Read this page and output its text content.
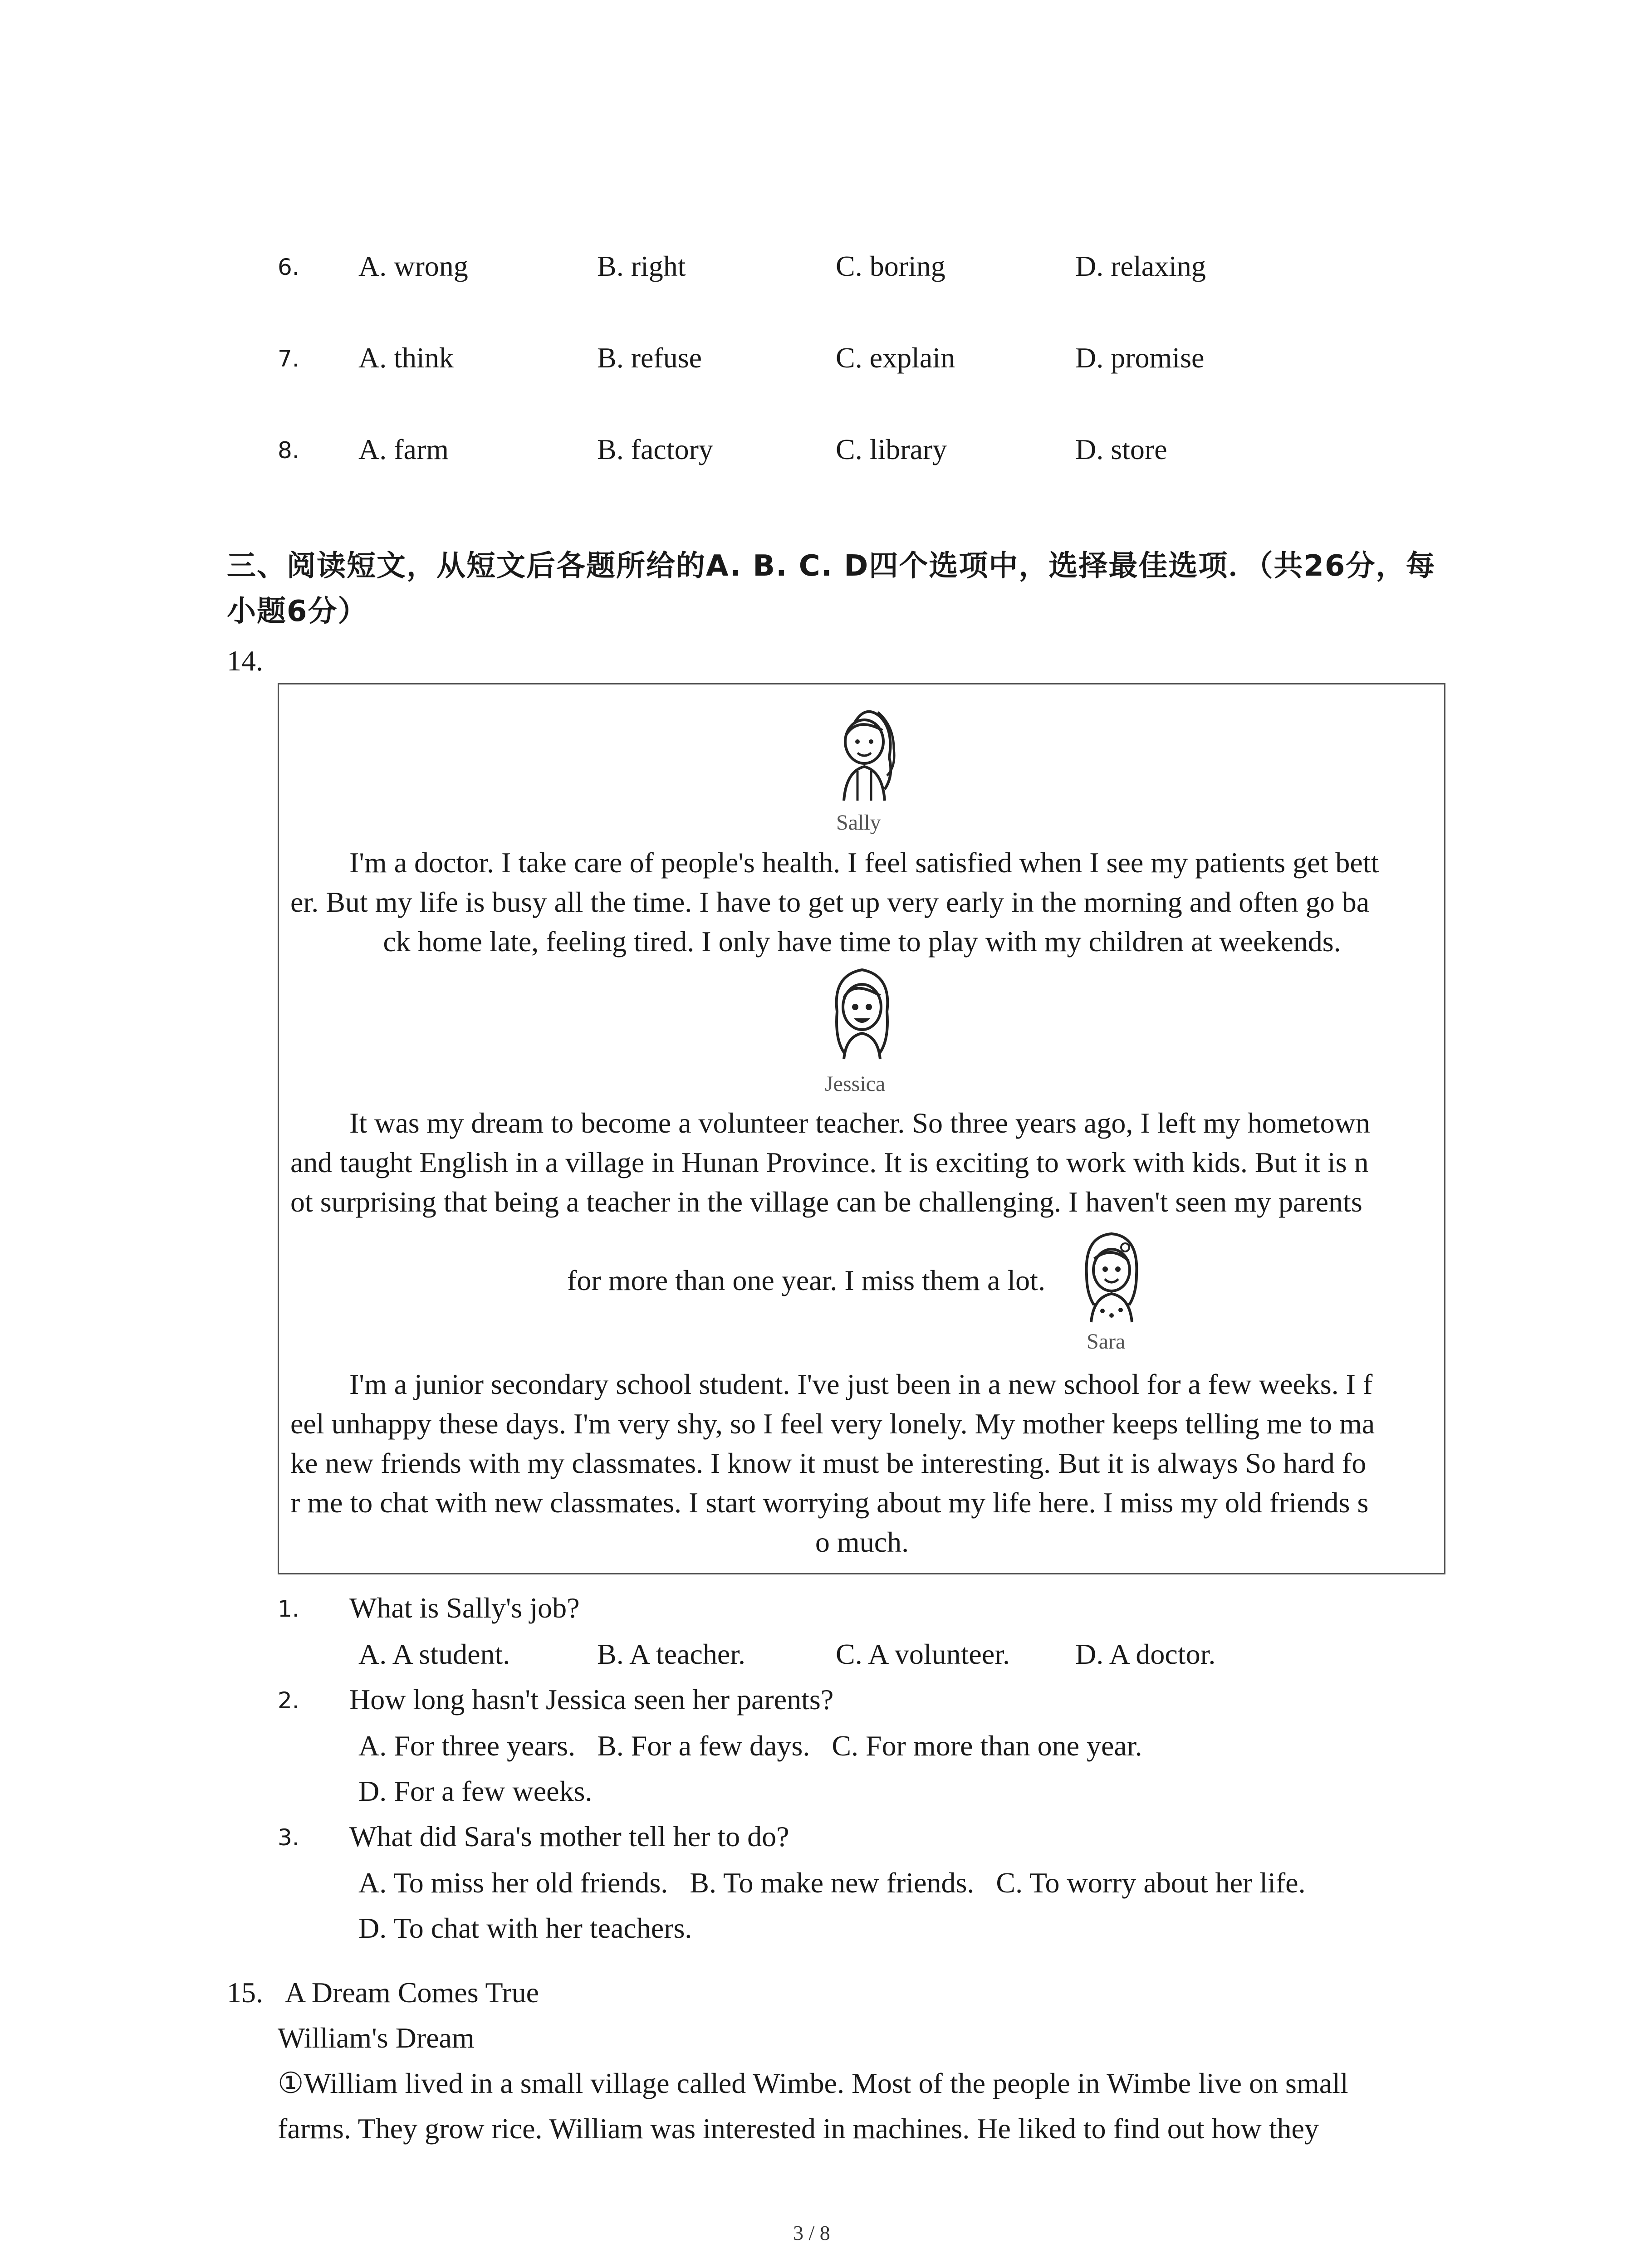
6. A. wrong	B. right	C. boring	D. relaxing
7. A. think	B. refuse	C. explain	D. promise
8. A. farm	B. factory	C. library	D. store
三、阅读短文，从短文后各题所给的A. B. C. D四个选项中，选择最佳选项．（共26分，每
小题6分）
14.
Sally
I'm a doctor. I take care of people's health. I feel satisfied when I see my patients get bett
er. But my life is busy all the time. I have to get up very early in the morning and often go ba
ck home late, feeling tired. I only have time to play with my children at weekends.
Jessica
It was my dream to become a volunteer teacher. So three years ago, I left my hometown
and taught English in a village in Hunan Province. It is exciting to work with kids. But it is n
ot surprising that being a teacher in the village can be challenging. I haven't seen my parents
for more than one year. I miss them a lot.
Sara
I'm a junior secondary school student. I've just been in a new school for a few weeks. I f
eel unhappy these days. I'm very shy, so I feel very lonely. My mother keeps telling me to ma
ke new friends with my classmates. I know it must be interesting. But it is always So hard fo
r me to chat with new classmates. I start worrying about my life here. I miss my old friends s
o much.
1. What is Sally's job?
A. A student.	B. A teacher.	C. A volunteer. D. A doctor.
2. How long hasn't Jessica seen her parents?
A. For three years.   B. For a few days.   C. For more than one year.
D. For a few weeks.
3. What did Sara's mother tell her to do?
A. To miss her old friends.   B. To make new friends.   C. To worry about her life.
D. To chat with her teachers.
15. A Dream Comes True
William's Dream
①William lived in a small village called Wimbe. Most of the people in Wimbe live on small
farms. They grow rice. William was interested in machines. He liked to find out how they
3 / 8
